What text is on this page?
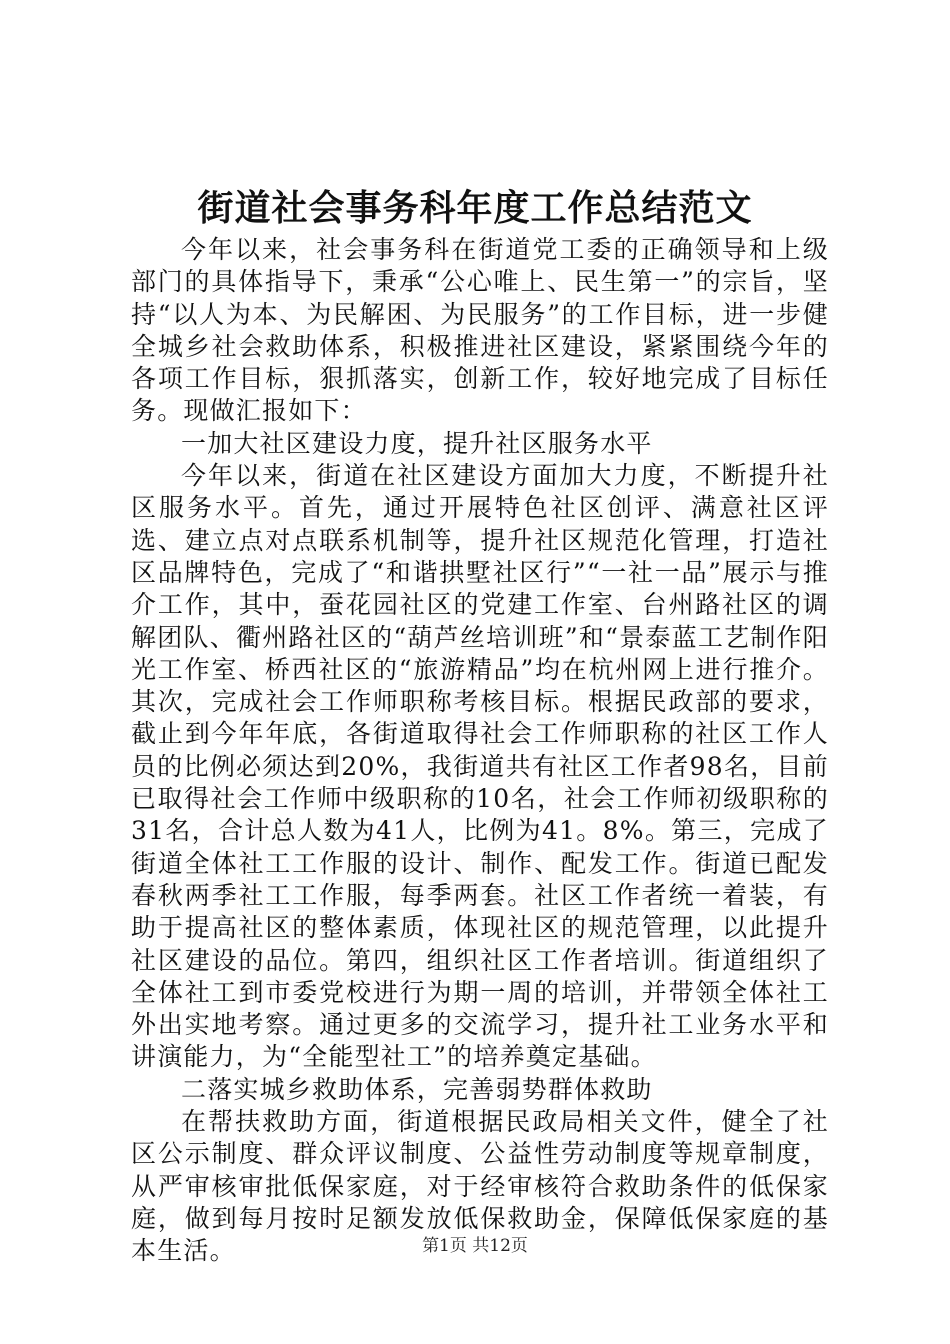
街道社会事务科年度工作总结范文

今年以来，社会事务科在街道党工委的正确领导和上级部门的具体指导下，秉承“公心唯上、民生第一”的宗旨，坚持“以人为本、为民解困、为民服务”的工作目标，进一步健全城乡社会救助体系，积极推进社区建设，紧紧围绕今年的各项工作目标，狠抓落实，创新工作，较好地完成了目标任务。现做汇报如下：

一加大社区建设力度，提升社区服务水平

今年以来，街道在社区建设方面加大力度，不断提升社区服务水平。首先，通过开展特色社区创评、满意社区评选、建立点对点联系机制等，提升社区规范化管理，打造社区品牌特色，完成了“和谐拱墅社区行”“一社一品”展示与推介工作，其中，蚕花园社区的党建工作室、台州路社区的调解团队、衢州路社区的“葫芦丝培训班”和“景泰蓝工艺制作阳光工作室、桥西社区的“旅游精品”均在杭州网上进行推介。其次，完成社会工作师职称考核目标。根据民政部的要求，截止到今年年底，各街道取得社会工作师职称的社区工作人员的比例必须达到20%，我街道共有社区工作者98名，目前已取得社会工作师中级职称的10名，社会工作师初级职称的31名，合计总人数为41人，比例为41。8%。第三，完成了街道全体社工工作服的设计、制作、配发工作。街道已配发春秋两季社工工作服，每季两套。社区工作者统一着装，有助于提高社区的整体素质，体现社区的规范管理，以此提升社区建设的品位。第四，组织社区工作者培训。街道组织了全体社工到市委党校进行为期一周的培训，并带领全体社工外出实地考察。通过更多的交流学习，提升社工业务水平和讲演能力，为“全能型社工”的培养奠定基础。

二落实城乡救助体系，完善弱势群体救助

在帮扶救助方面，街道根据民政局相关文件，健全了社区公示制度、群众评议制度、公益性劳动制度等规章制度，从严审核审批低保家庭，对于经审核符合救助条件的低保家庭，做到每月按时足额发放低保救助金，保障低保家庭的基本生活。	第1页 共12页
